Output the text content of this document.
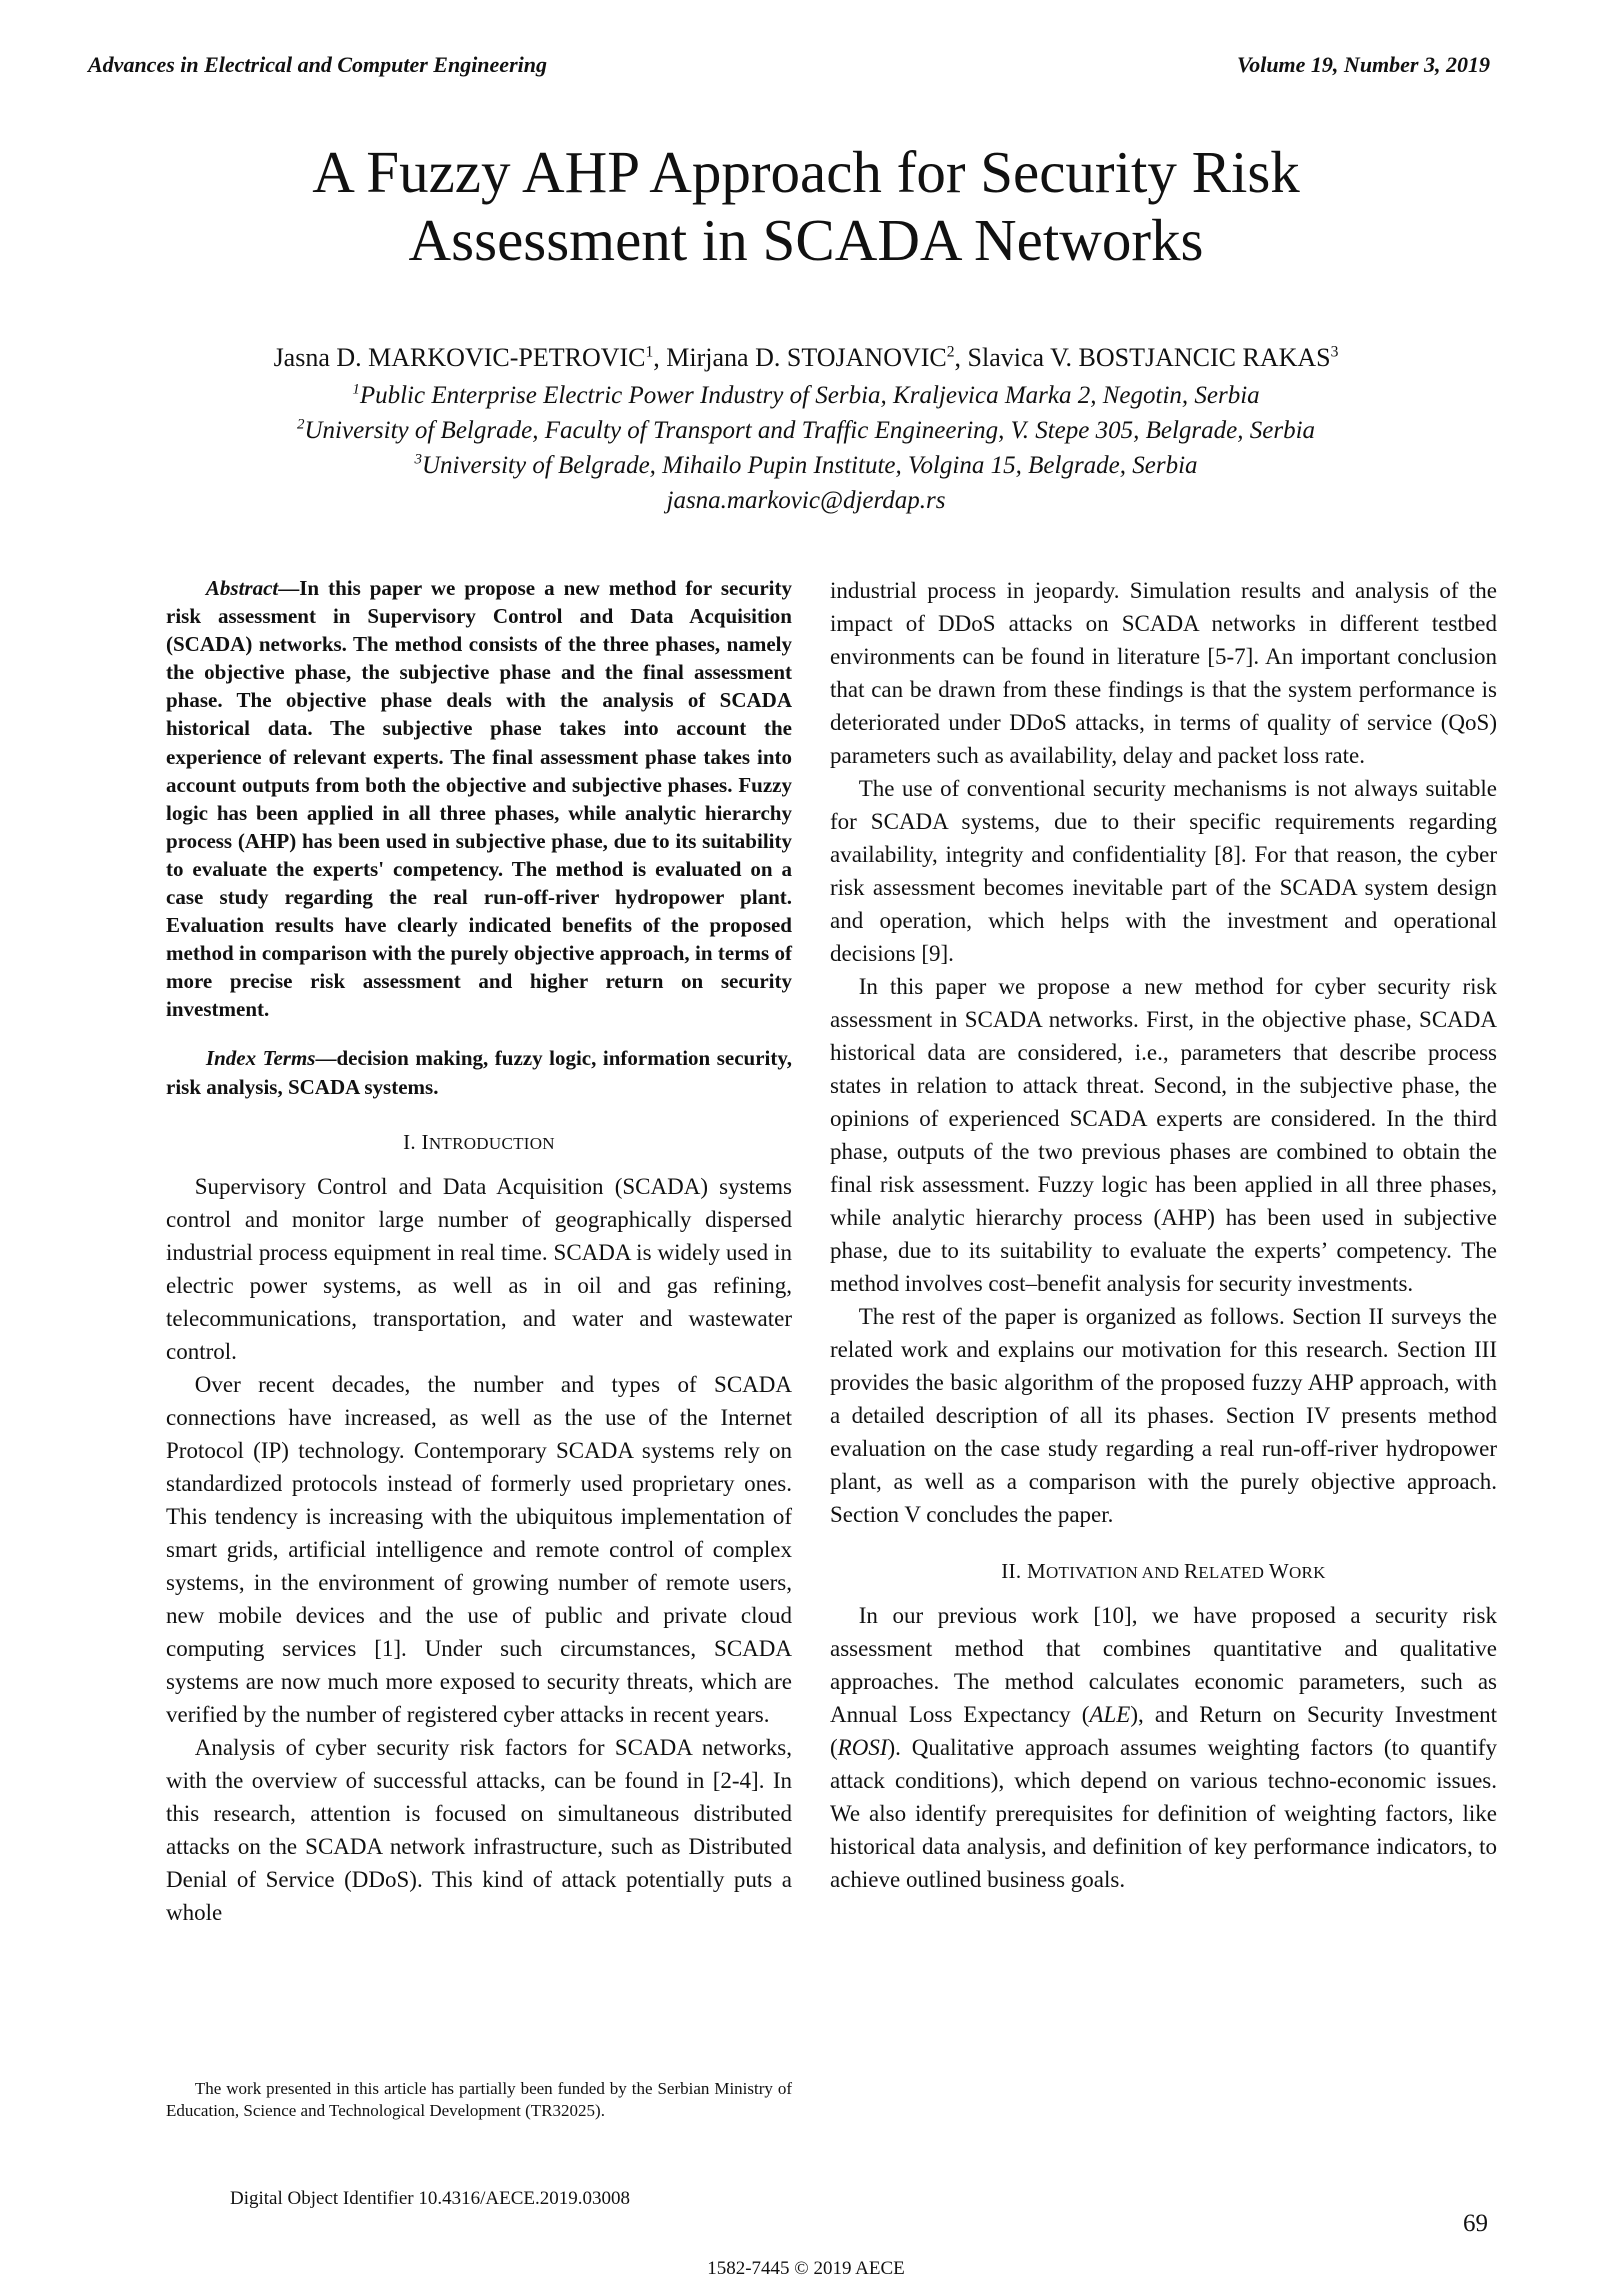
Advances in Electrical and Computer Engineering	Volume 19, Number 3, 2019
A Fuzzy AHP Approach for Security Risk
Assessment in SCADA Networks
Jasna D. MARKOVIC-PETROVIC$^1$, Mirjana D. STOJANOVIC$^2$, Slavica V. BOSTJANCIC RAKAS$^3$
$^1$Public Enterprise Electric Power Industry of Serbia, Kraljevica Marka 2, Negotin, Serbia
$^2$University of Belgrade, Faculty of Transport and Traffic Engineering, V. Stepe 305, Belgrade, Serbia
$^3$University of Belgrade, Mihailo Pupin Institute, Volgina 15, Belgrade, Serbia
jasna.markovic@djerdap.rs

Abstract—In this paper we propose a new method for security risk assessment in Supervisory Control and Data Acquisition (SCADA) networks. The method consists of the three phases, namely the objective phase, the subjective phase and the final assessment phase. The objective phase deals with the analysis of SCADA historical data. The subjective phase takes into account the experience of relevant experts. The final assessment phase takes into account outputs from both the objective and subjective phases. Fuzzy logic has been applied in all three phases, while analytic hierarchy process (AHP) has been used in subjective phase, due to its suitability to evaluate the experts' competency. The method is evaluated on a case study regarding the real run-off-river hydropower plant. Evaluation results have clearly indicated benefits of the proposed method in comparison with the purely objective approach, in terms of more precise risk assessment and higher return on security investment.

Index Terms—decision making, fuzzy logic, information security, risk analysis, SCADA systems.

I. INTRODUCTION

Supervisory Control and Data Acquisition (SCADA) systems control and monitor large number of geographically dispersed industrial process equipment in real time. SCADA is widely used in electric power systems, as well as in oil and gas refining, telecommunications, transportation, and water and wastewater control.

Over recent decades, the number and types of SCADA connections have increased, as well as the use of the Internet Protocol (IP) technology. Contemporary SCADA systems rely on standardized protocols instead of formerly used proprietary ones. This tendency is increasing with the ubiquitous implementation of smart grids, artificial intelligence and remote control of complex systems, in the environment of growing number of remote users, new mobile devices and the use of public and private cloud computing services [1]. Under such circumstances, SCADA systems are now much more exposed to security threats, which are verified by the number of registered cyber attacks in recent years.

Analysis of cyber security risk factors for SCADA networks, with the overview of successful attacks, can be found in [2-4]. In this research, attention is focused on simultaneous distributed attacks on the SCADA network infrastructure, such as Distributed Denial of Service (DDoS). This kind of attack potentially puts a whole

industrial process in jeopardy. Simulation results and analysis of the impact of DDoS attacks on SCADA networks in different testbed environments can be found in literature [5-7]. An important conclusion that can be drawn from these findings is that the system performance is deteriorated under DDoS attacks, in terms of quality of service (QoS) parameters such as availability, delay and packet loss rate.

The use of conventional security mechanisms is not always suitable for SCADA systems, due to their specific requirements regarding availability, integrity and confidentiality [8]. For that reason, the cyber risk assessment becomes inevitable part of the SCADA system design and operation, which helps with the investment and operational decisions [9].

In this paper we propose a new method for cyber security risk assessment in SCADA networks. First, in the objective phase, SCADA historical data are considered, i.e., parameters that describe process states in relation to attack threat. Second, in the subjective phase, the opinions of experienced SCADA experts are considered. In the third phase, outputs of the two previous phases are combined to obtain the final risk assessment. Fuzzy logic has been applied in all three phases, while analytic hierarchy process (AHP) has been used in subjective phase, due to its suitability to evaluate the experts’ competency. The method involves cost–benefit analysis for security investments.

The rest of the paper is organized as follows. Section II surveys the related work and explains our motivation for this research. Section III provides the basic algorithm of the proposed fuzzy AHP approach, with a detailed description of all its phases. Section IV presents method evaluation on the case study regarding a real run-off-river hydropower plant, as well as a comparison with the purely objective approach. Section V concludes the paper.

II. MOTIVATION AND RELATED WORK

In our previous work [10], we have proposed a security risk assessment method that combines quantitative and qualitative approaches. The method calculates economic parameters, such as Annual Loss Expectancy (ALE), and Return on Security Investment (ROSI). Qualitative approach assumes weighting factors (to quantify attack conditions), which depend on various techno-economic issues. We also identify prerequisites for definition of weighting factors, like historical data analysis, and definition of key performance indicators, to achieve outlined business goals.

The work presented in this article has partially been funded by the Serbian Ministry of Education, Science and Technological Development (TR32025).
Digital Object Identifier 10.4316/AECE.2019.03008
69
1582-7445 © 2019 AECE
